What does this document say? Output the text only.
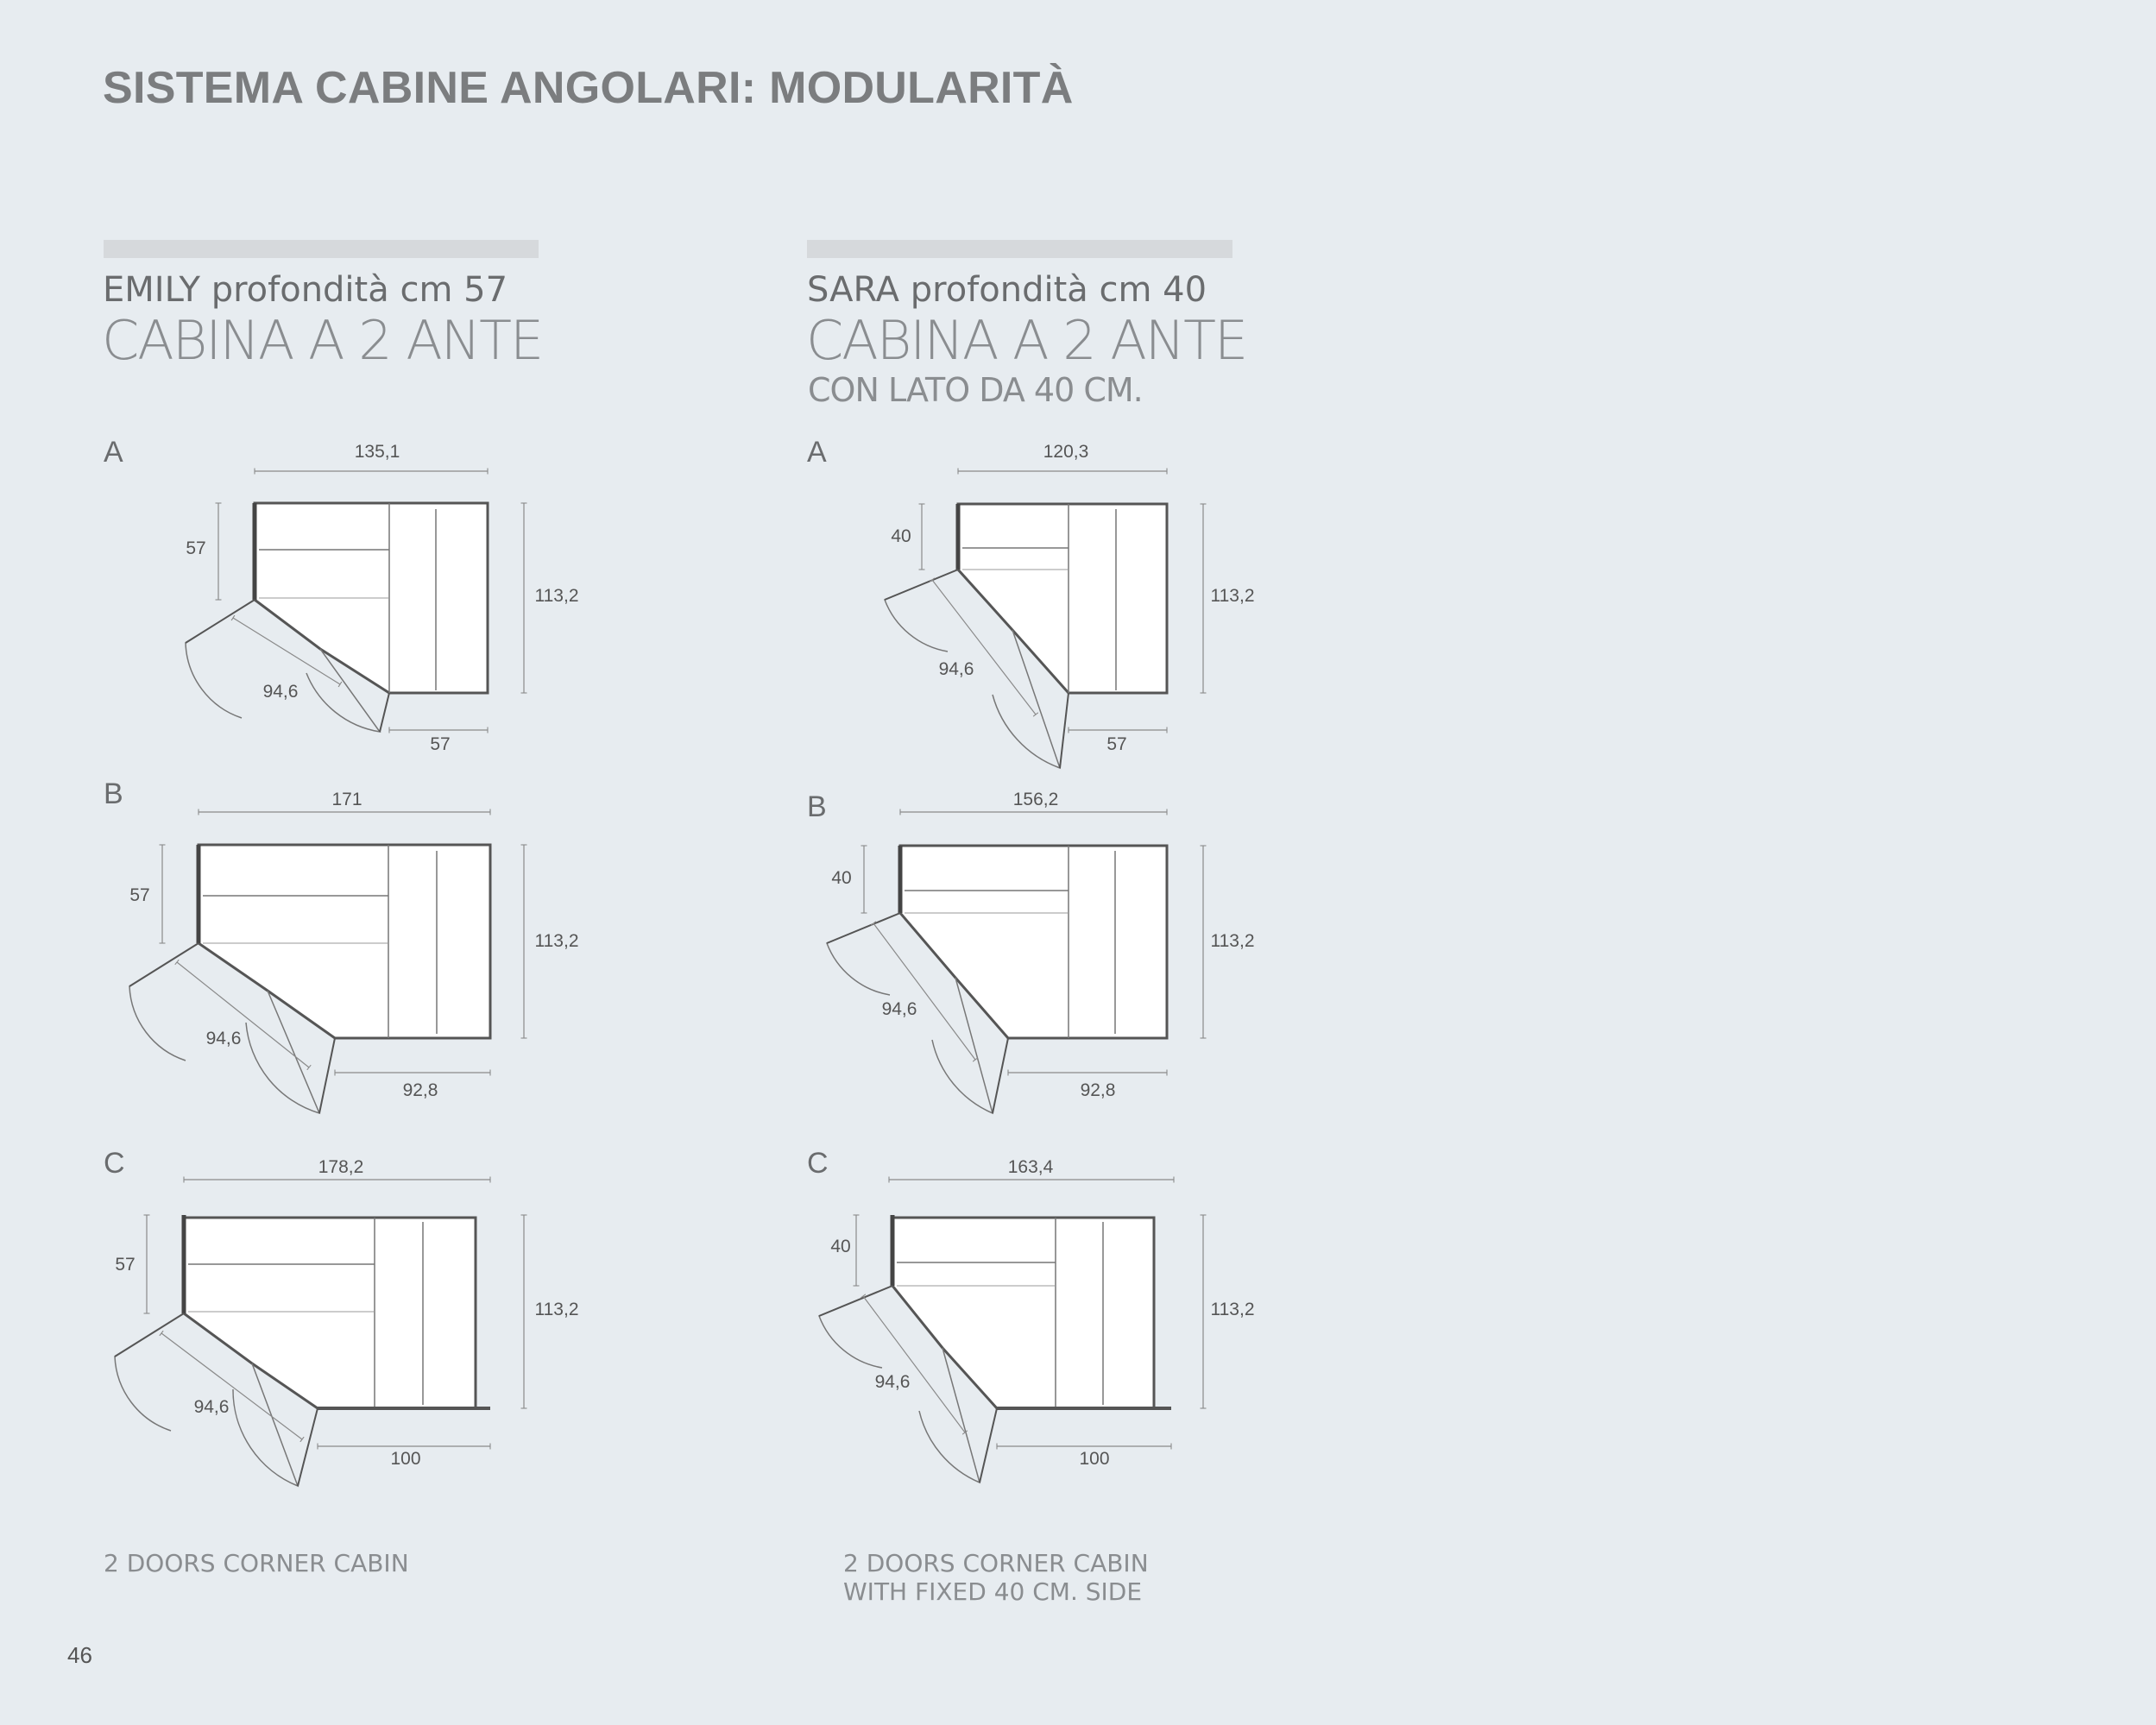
SISTEMA CABINE ANGOLARI: MODULARITÀ
EMILY profondità cm 57
CABINA A 2 ANTE
SARA profondità cm 40
CABINA A 2 ANTE
CON LATO DA 40 CM.
A	135,1
57
113,2
94,6
57
B	171
57
113,2
94,6
92,8
C	178,2
57
113,2
94,6
100
A	120,3
40
113,2
94,6
57
B	156,2
40
113,2
94,6
92,8
C	163,4
40
113,2
94,6
100
2 DOORS CORNER CABIN	2 DOORS CORNER CABIN
WITH FIXED 40 CM. SIDE
46
